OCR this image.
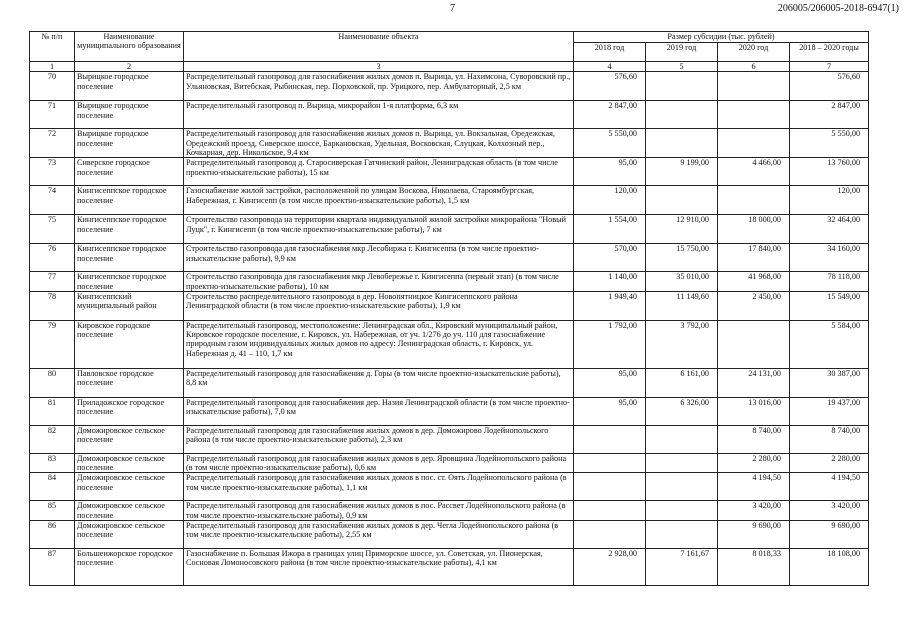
7	206005/206005-2018-6947(1)
№ п/п	Наименование муниципального образования	Наименование объекта	Размер субсидии (тыс. рублей)			
			2018 год	2019 год	2020 год	2018 – 2020 годы
1	2	3	4	5	6	7
70	Вырицкое городское поселение	Распределительный газопровод для газоснабжения жилых домов п. Вырица, ул. Нахимсона, Суворовский пр., Ульяновская, Витебская, Рыбинская, пер. Порховской, пр. Урицкого, пер. Амбулаторный, 2,5 км	576,60			576,60
71	Вырицкое городское поселение	Распределительный газопровод п. Вырица, микрорайон 1-я платформа, 6,3 км	2 847,00			2 847,00
72	Вырицкое городское поселение	Распределительный газопровод для газоснабжения жилых домов п. Вырица, ул. Вокзальная, Оредежская, Оредежский проезд, Сиверское шоссе, Баркановская, Удельная, Восковская, Слуцкая, Колхозный пер., Кочкарная, дер. Никольское, 9,4 км	5 550,00			5 550,00
73	Сиверское городское поселение	Распределительный газопровод д. Старосиверская Гатчинский район, Ленинградская область (в том числе проектно-изыскательские работы), 15 км	95,00	9 199,00	4 466,00	13 760,00
74	Кингисеппское городское поселение	Газоснабжение жилой застройки, расположенной по улицам Воскова, Николаева, Староямбургская, Набережная, г. Кингисепп (в том числе проектно-изыскательские работы), 1,5 км	120,00			120,00
75	Кингисеппское городское поселение	Строительство газопровода на территории квартала индивидуальной жилой застройки микрорайона "Новый Луцк", г. Кингисепп (в том числе проектно-изыскательские работы), 7 км	1 554,00	12 910,00	18 000,00	32 464,00
76	Кингисеппское городское поселение	Строительство газопровода для газоснабжения мкр Лесобиржа г. Кингисеппа (в том числе проектно-изыскательские работы), 9,9 км	570,00	15 750,00	17 840,00	34 160,00
77	Кингисеппское городское поселение	Строительство газопровода для газоснабжения мкр Левобережье г. Кингисеппа (первый этап) (в том числе проектно-изыскательские работы), 10 км	1 140,00	35 010,00	41 968,00	78 118,00
78	Кингисеппский муниципальный район	Строительство распределительного газопровода в дер. Новопятницкое Кингисеппского района Ленинградской области (в том числе проектно-изыскательские работы), 1,9 км	1 949,40	11 149,60	2 450,00	15 549,00
79	Кировское городское поселение	Распределительный газопровод, местоположение: Ленинградская обл., Кировский муниципальный район, Кировское городское поселение, г. Кировск, ул. Набережная, от уч. 1/276 до уч. 110 для газоснабжение природным газом индивидуальных жилых домов по адресу: Ленинградская область, г. Кировск, ул. Набережная д. 41 – 110, 1,7 км	1 792,00	3 792,00		5 584,00
80	Павловское городское поселение	Распределительный газопровод для газоснабжения д. Горы (в том числе проектно-изыскательские работы), 8,8 км	95,00	6 161,00	24 131,00	30 387,00
81	Приладожское городское поселение	Распределительный газопровод для газоснабжения дер. Назия Ленинградской области (в том числе проектно-изыскательские работы), 7,0 км	95,00	6 326,00	13 016,00	19 437,00
82	Доможировское сельское поселение	Распределительный газопровод для газоснабжения жилых домов в дер. Доможирово Лодейнопольского района (в том числе проектно-изыскательские работы), 2,3 км			8 740,00	8 740,00
83	Доможировское сельское поселение	Распределительный газопровод для газоснабжения жилых домов в дер. Яровщина Лодейнопольского района (в том числе проектно-изыскательские работы), 0,6 км			2 280,00	2 280,00
84	Доможировское сельское поселение	Распределительный газопровод для газоснабжения жилых домов в пос. ст. Оять Лодейнопольского района (в том числе проектно-изыскательские работы), 1,1 км			4 194,50	4 194,50
85	Доможировское сельское поселение	Распределительный газопровод для газоснабжения жилых домов в пос. Рассвет Лодейнопольского района (в том числе проектно-изыскательские работы), 0,9 км			3 420,00	3 420,00
86	Доможировское сельское поселение	Распределительный газопровод для газоснабжения жилых домов в дер. Чегла Лодейнопольского района (в том числе проектно-изыскательские работы), 2,55 км			9 690,00	9 690,00
87	Большеижорское городское поселение	Газоснабжение п. Большая Ижора в границах улиц Приморское шоссе, ул. Советская, ул. Пионерская, Сосновая Ломоносовского района (в том числе проектно-изыскательские работы), 4,1 км	2 928,00	7 161,67	8 018,33	18 108,00
